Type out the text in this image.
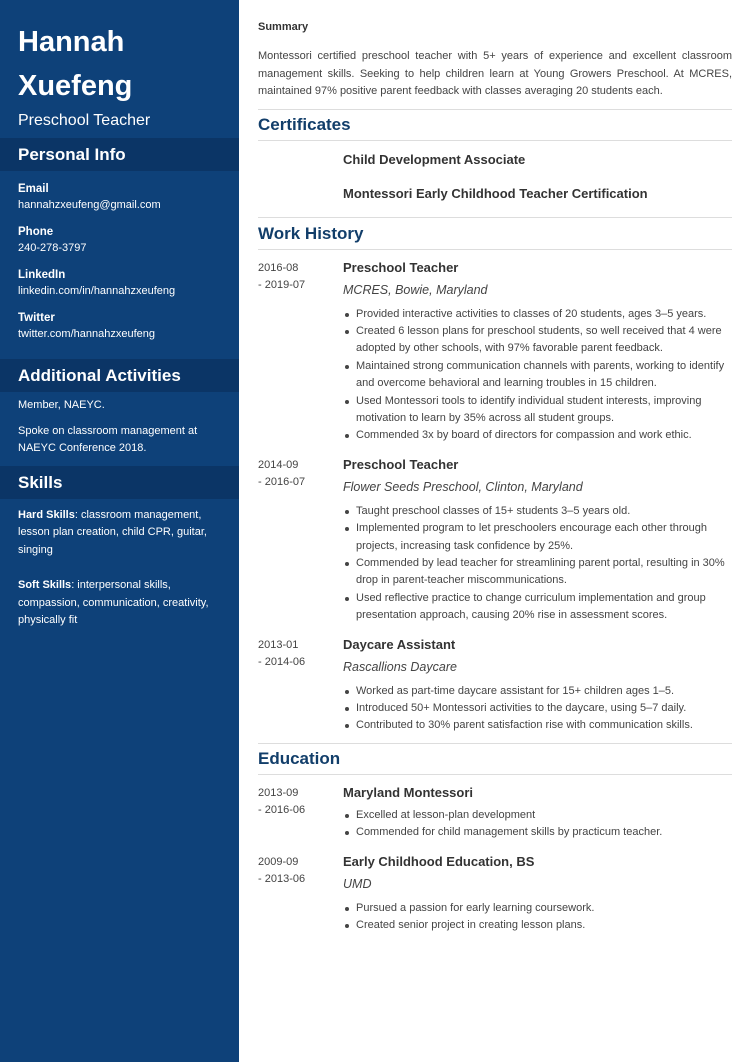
Hannah
Xuefeng
Preschool Teacher
Personal Info
Email
hannahzxeufeng@gmail.com
Phone
240-278-3797
LinkedIn
linkedin.com/in/hannahzxeufeng
Twitter
twitter.com/hannahzxeufeng
Additional Activities
Member, NAEYC.
Spoke on classroom management at NAEYC Conference 2018.
Skills
Hard Skills: classroom management, lesson plan creation, child CPR, guitar, singing
Soft Skills: interpersonal skills, compassion, communication, creativity, physically fit
Summary
Montessori certified preschool teacher with 5+ years of experience and excellent classroom management skills. Seeking to help children learn at Young Growers Preschool. At MCRES, maintained 97% positive parent feedback with classes averaging 20 students each.
Certificates
Child Development Associate
Montessori Early Childhood Teacher Certification
Work History
2016-08
- 2019-07
Preschool Teacher
MCRES, Bowie, Maryland
Provided interactive activities to classes of 20 students, ages 3–5 years.
Created 6 lesson plans for preschool students, so well received that 4 were adopted by other schools, with 97% favorable parent feedback.
Maintained strong communication channels with parents, working to identify and overcome behavioral and learning troubles in 15 children.
Used Montessori tools to identify individual student interests, improving motivation to learn by 35% across all student groups.
Commended 3x by board of directors for compassion and work ethic.
2014-09
- 2016-07
Preschool Teacher
Flower Seeds Preschool, Clinton, Maryland
Taught preschool classes of 15+ students 3–5 years old.
Implemented program to let preschoolers encourage each other through projects, increasing task confidence by 25%.
Commended by lead teacher for streamlining parent portal, resulting in 30% drop in parent-teacher miscommunications.
Used reflective practice to change curriculum implementation and group presentation approach, causing 20% rise in assessment scores.
2013-01
- 2014-06
Daycare Assistant
Rascallions Daycare
Worked as part-time daycare assistant for 15+ children ages 1–5.
Introduced 50+ Montessori activities to the daycare, using 5–7 daily.
Contributed to 30% parent satisfaction rise with communication skills.
Education
2013-09
- 2016-06
Maryland Montessori
Excelled at lesson-plan development
Commended for child management skills by practicum teacher.
2009-09
- 2013-06
Early Childhood Education, BS
UMD
Pursued a passion for early learning coursework.
Created senior project in creating lesson plans.
